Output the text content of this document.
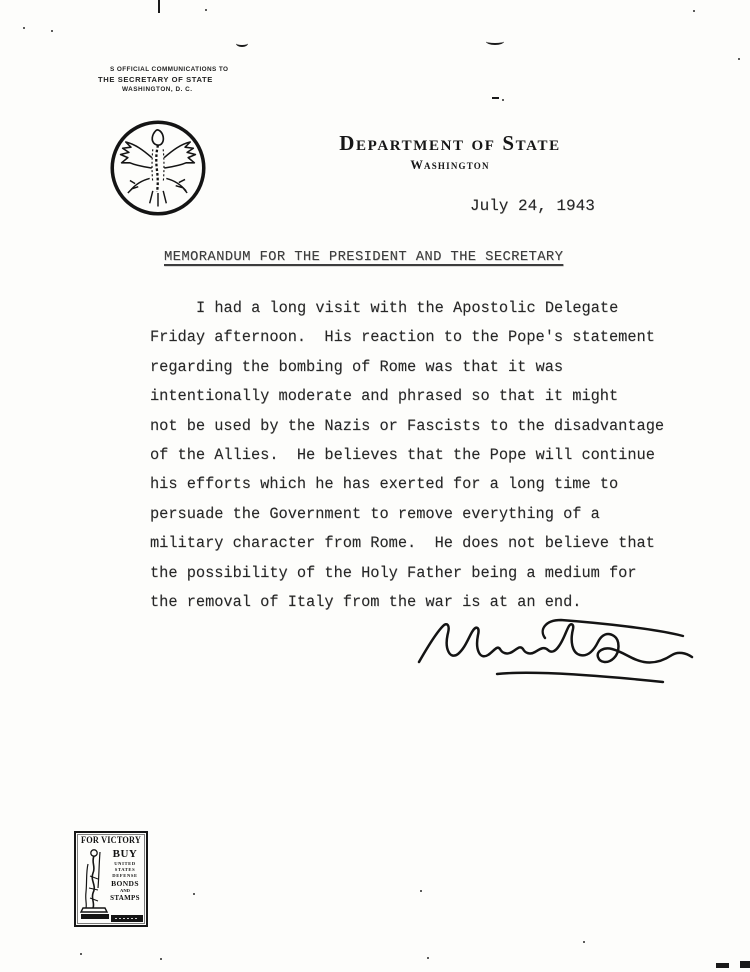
S OFFICIAL COMMUNICATIONS TO
THE SECRETARY OF STATE
WASHINGTON, D. C.
Department of State
Washington
July 24, 1943
MEMORANDUM FOR THE PRESIDENT AND THE SECRETARY
I had a long visit with the Apostolic Delegate
Friday afternoon.  His reaction to the Pope's statement
regarding the bombing of Rome was that it was
intentionally moderate and phrased so that it might
not be used by the Nazis or Fascists to the disadvantage
of the Allies.  He believes that the Pope will continue
his efforts which he has exerted for a long time to
persuade the Government to remove everything of a
military character from Rome.  He does not believe that
the possibility of the Holy Father being a medium for
the removal of Italy from the war is at an end.
FOR VICTORY
BUY
UNITED
STATES
DEFENSE
BONDS
AND
STAMPS
